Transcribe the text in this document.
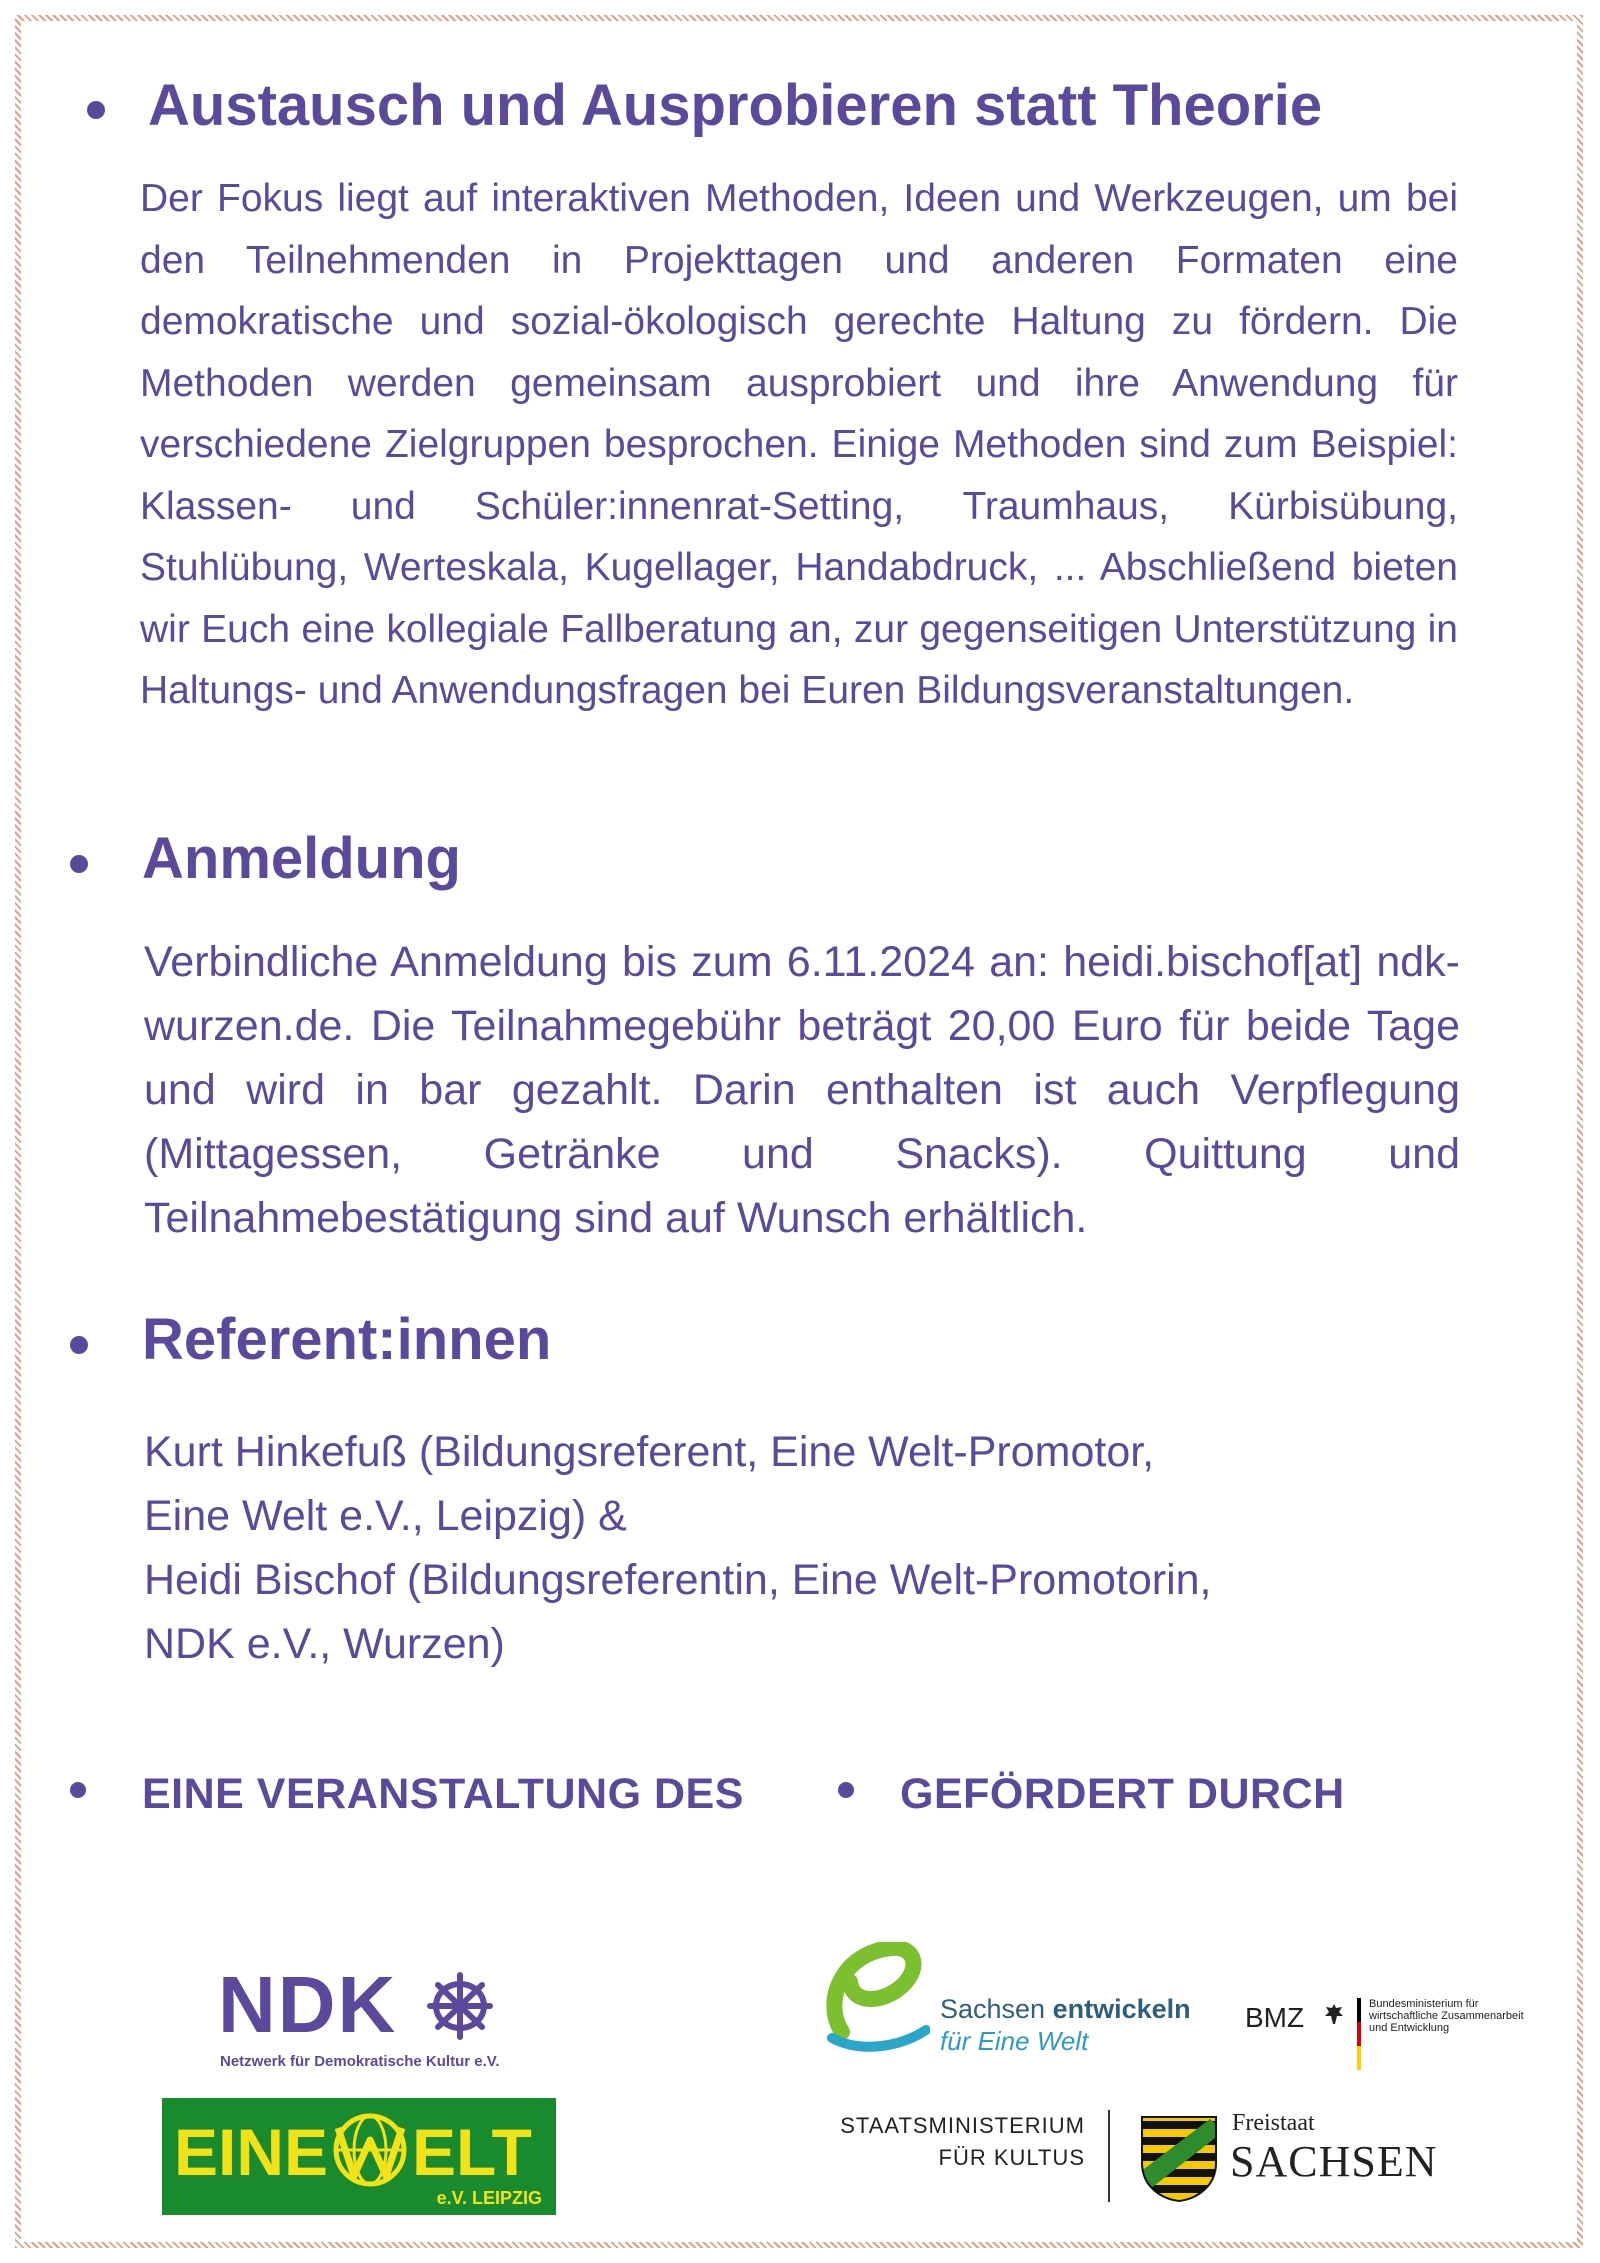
Austausch und Ausprobieren statt Theorie

Der Fokus liegt auf interaktiven Methoden, Ideen und Werkzeugen, um bei den Teilnehmenden in Projekttagen und anderen Formaten eine demokratische und sozial-ökologisch gerechte Haltung zu fördern. Die Methoden werden gemeinsam ausprobiert und ihre Anwendung für verschiedene Zielgruppen besprochen. Einige Methoden sind zum Beispiel: Klassen- und Schüler:innenrat-Setting, Traumhaus, Kürbisübung, Stuhlübung, Werteskala, Kugellager, Handabdruck, ... Abschließend bieten wir Euch eine kollegiale Fallberatung an, zur gegenseitigen Unterstützung in Haltungs- und Anwendungsfragen bei Euren Bildungsveranstaltungen.

Anmeldung

Verbindliche Anmeldung bis zum 6.11.2024 an: heidi.bischof[at] ndk-wurzen.de. Die Teilnahmegebühr beträgt 20,00 Euro für beide Tage und wird in bar gezahlt. Darin enthalten ist auch Verpflegung (Mittagessen, Getränke und Snacks). Quittung und Teilnahmebestätigung sind auf Wunsch erhältlich.

Referent:innen
Kurt Hinkefuß (Bildungsreferent, Eine Welt-Promotor,
Eine Welt e.V., Leipzig) &
Heidi Bischof (Bildungsreferentin, Eine Welt-Promotorin,
NDK e.V., Wurzen)
EINE VERANSTALTUNG DES	GEFÖRDERT DURCH
NDK
Netzwerk für Demokratische Kultur e.V.
EINE ELT
e.V. LEIPZIG
Sachsen entwickeln
für Eine Welt
BMZ	Bundesministerium für
wirtschaftliche Zusammenarbeit
und Entwicklung
STAATSMINISTERIUM
FÜR KULTUS
Freistaat
SACHSEN
